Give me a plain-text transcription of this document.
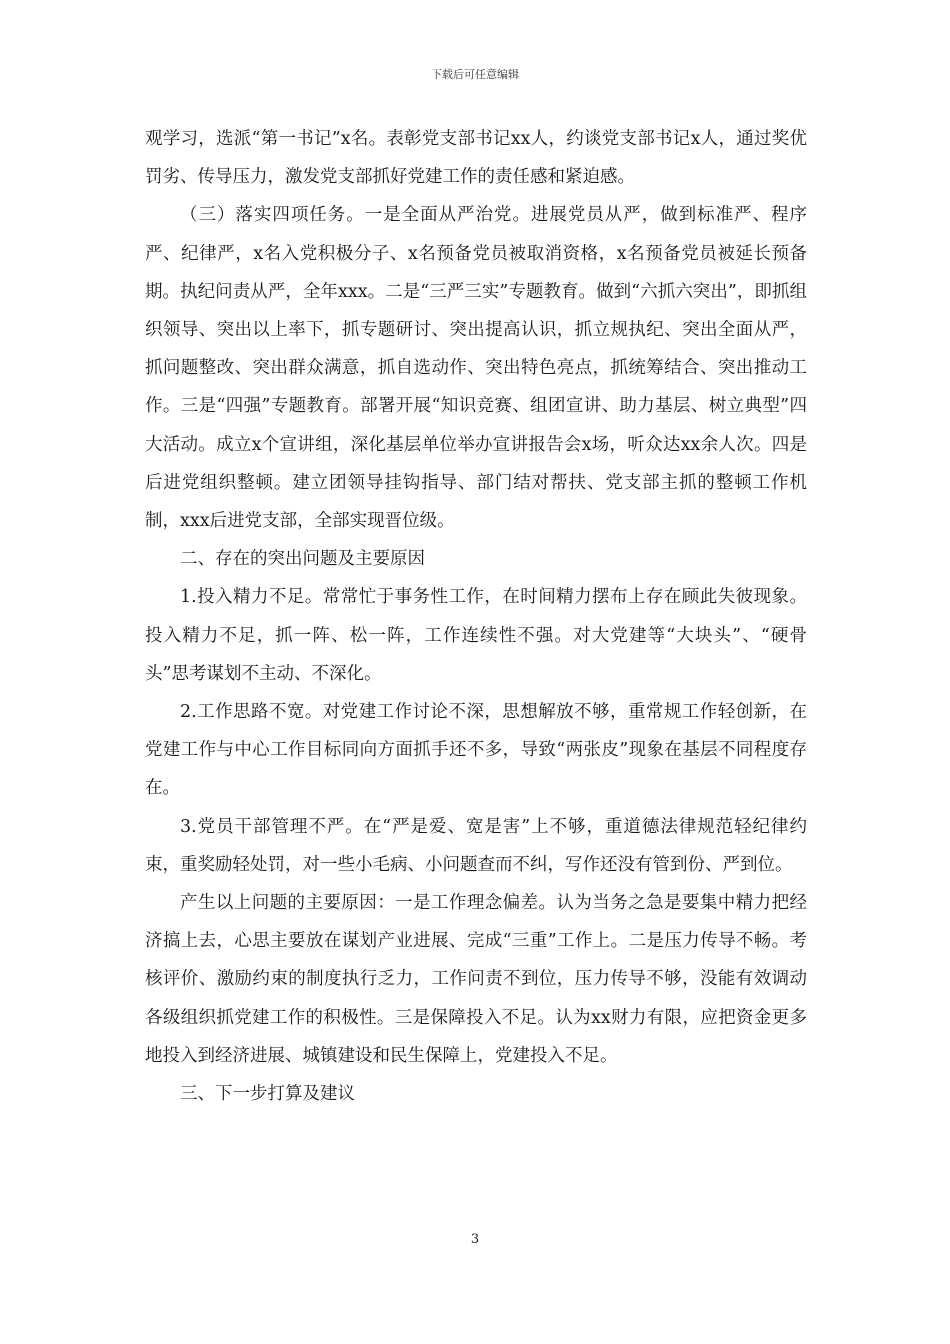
下载后可任意编辑

观学习，选派“第一书记”x名。表彰党支部书记xx人，约谈党支部书记x人，通过奖优罚劣、传导压力，激发党支部抓好党建工作的责任感和紧迫感。

（三）落实四项任务。一是全面从严治党。进展党员从严，做到标准严、程序严、纪律严，x名入党积极分子、x名预备党员被取消资格，x名预备党员被延长预备期。执纪问责从严，全年xxx。二是“三严三实”专题教育。做到“六抓六突出”，即抓组织领导、突出以上率下，抓专题研讨、突出提高认识，抓立规执纪、突出全面从严，抓问题整改、突出群众满意，抓自选动作、突出特色亮点，抓统筹结合、突出推动工作。三是“四强”专题教育。部署开展“知识竞赛、组团宣讲、助力基层、树立典型”四大活动。成立x个宣讲组，深化基层单位举办宣讲报告会x场，听众达xx余人次。四是后进党组织整顿。建立团领导挂钩指导、部门结对帮扶、党支部主抓的整顿工作机制，xxx后进党支部，全部实现晋位级。

二、存在的突出问题及主要原因

1.投入精力不足。常常忙于事务性工作，在时间精力摆布上存在顾此失彼现象。投入精力不足，抓一阵、松一阵，工作连续性不强。对大党建等“大块头”、“硬骨头”思考谋划不主动、不深化。

2.工作思路不宽。对党建工作讨论不深，思想解放不够，重常规工作轻创新，在党建工作与中心工作目标同向方面抓手还不多，导致“两张皮”现象在基层不同程度存在。

3.党员干部管理不严。在“严是爱、宽是害”上不够，重道德法律规范轻纪律约束，重奖励轻处罚，对一些小毛病、小问题查而不纠，写作还没有管到份、严到位。

产生以上问题的主要原因：一是工作理念偏差。认为当务之急是要集中精力把经济搞上去，心思主要放在谋划产业进展、完成“三重”工作上。二是压力传导不畅。考核评价、激励约束的制度执行乏力，工作问责不到位，压力传导不够，没能有效调动各级组织抓党建工作的积极性。三是保障投入不足。认为xx财力有限，应把资金更多地投入到经济进展、城镇建设和民生保障上，党建投入不足。

三、下一步打算及建议

3
